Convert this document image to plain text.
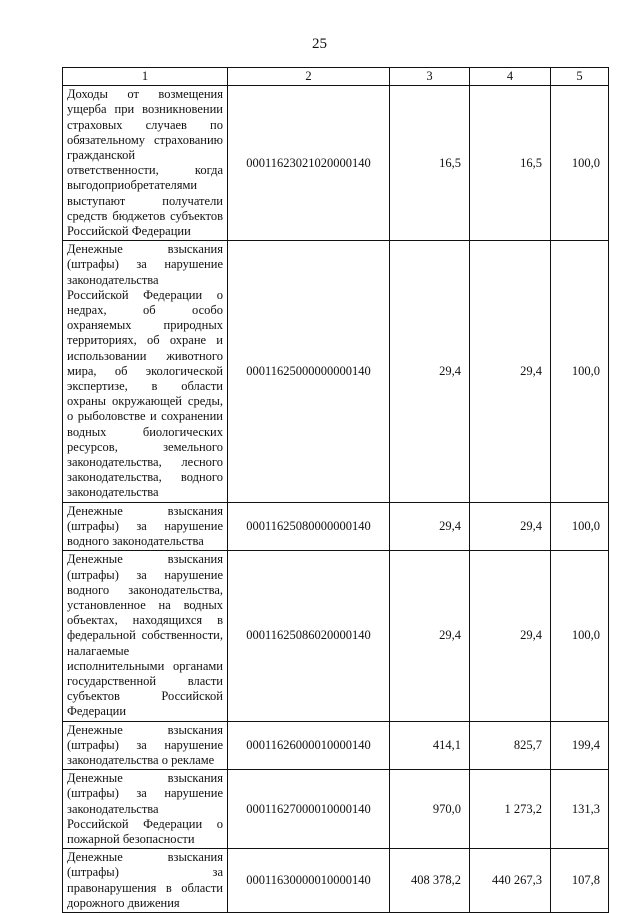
25
1	2	3	4	5
Доходы от возмещения ущерба при возникновении страховых случаев по обязательному страхованию гражданской ответственности, когда выгодоприобретателями выступают получатели средств бюджетов субъектов Российской Федерации	00011623021020000140	16,5	16,5	100,0
Денежные взыскания (штрафы) за нарушение законодательства Российской Федерации о недрах, об особо охраняемых природных территориях, об охране и использовании животного мира, об экологической экспертизе, в области охраны окружающей среды, о рыболовстве и сохранении водных биологических ресурсов, земельного законодательства, лесного законодательства, водного законодательства	00011625000000000140	29,4	29,4	100,0
Денежные взыскания (штрафы) за нарушение водного законодательства	00011625080000000140	29,4	29,4	100,0
Денежные взыскания (штрафы) за нарушение водного законодательства, установленное на водных объектах, находящихся в федеральной собственности, налагаемые исполнительными органами государственной власти субъектов Российской Федерации	00011625086020000140	29,4	29,4	100,0
Денежные взыскания (штрафы) за нарушение законодательства о рекламе	00011626000010000140	414,1	825,7	199,4
Денежные взыскания (штрафы) за нарушение законодательства Российской Федерации о пожарной безопасности	00011627000010000140	970,0	1 273,2	131,3
Денежные взыскания (штрафы) за правонарушения в области дорожного движения	00011630000010000140	408 378,2	440 267,3	107,8
